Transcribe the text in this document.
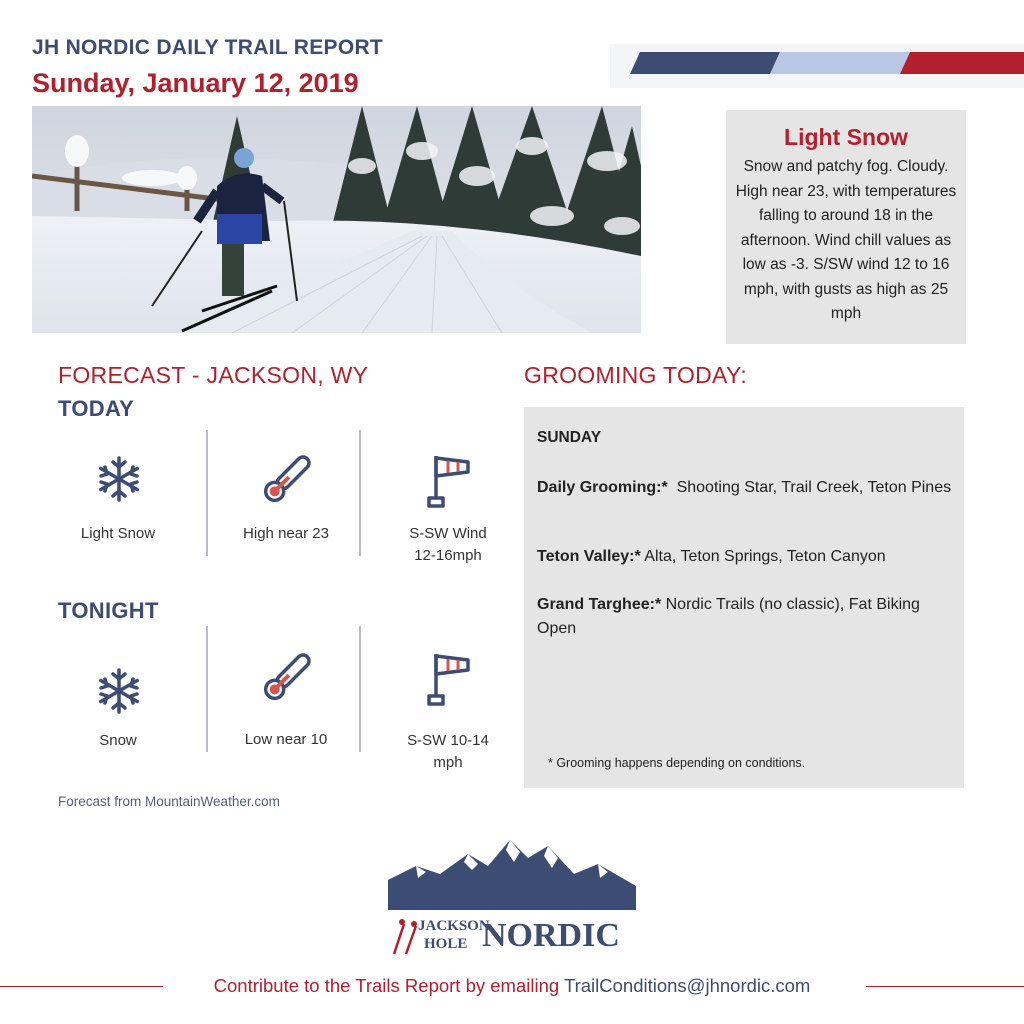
JH NORDIC DAILY TRAIL REPORT
Sunday, January 12, 2019
Light Snow
Snow and patchy fog. Cloudy. High near 23, with temperatures falling to around 18 in the afternoon. Wind chill values as low as -3. S/SW wind 12 to 16 mph, with gusts as high as 25 mph
FORECAST - JACKSON, WY
TODAY
Light Snow	High near 23	S-SW Wind
12-16mph
TONIGHT
Snow	Low near 10	S-SW 10-14
mph
Forecast from MountainWeather.com
GROOMING TODAY:
SUNDAY
Daily Grooming:* Shooting Star, Trail Creek, Teton Pines
Teton Valley:* Alta, Teton Springs, Teton Canyon
Grand Targhee:* Nordic Trails (no classic), Fat Biking Open
* Grooming happens depending on conditions.
JACKSON
HOLE NORDIC
Contribute to the Trails Report by emailing TrailConditions@jhnordic.com
